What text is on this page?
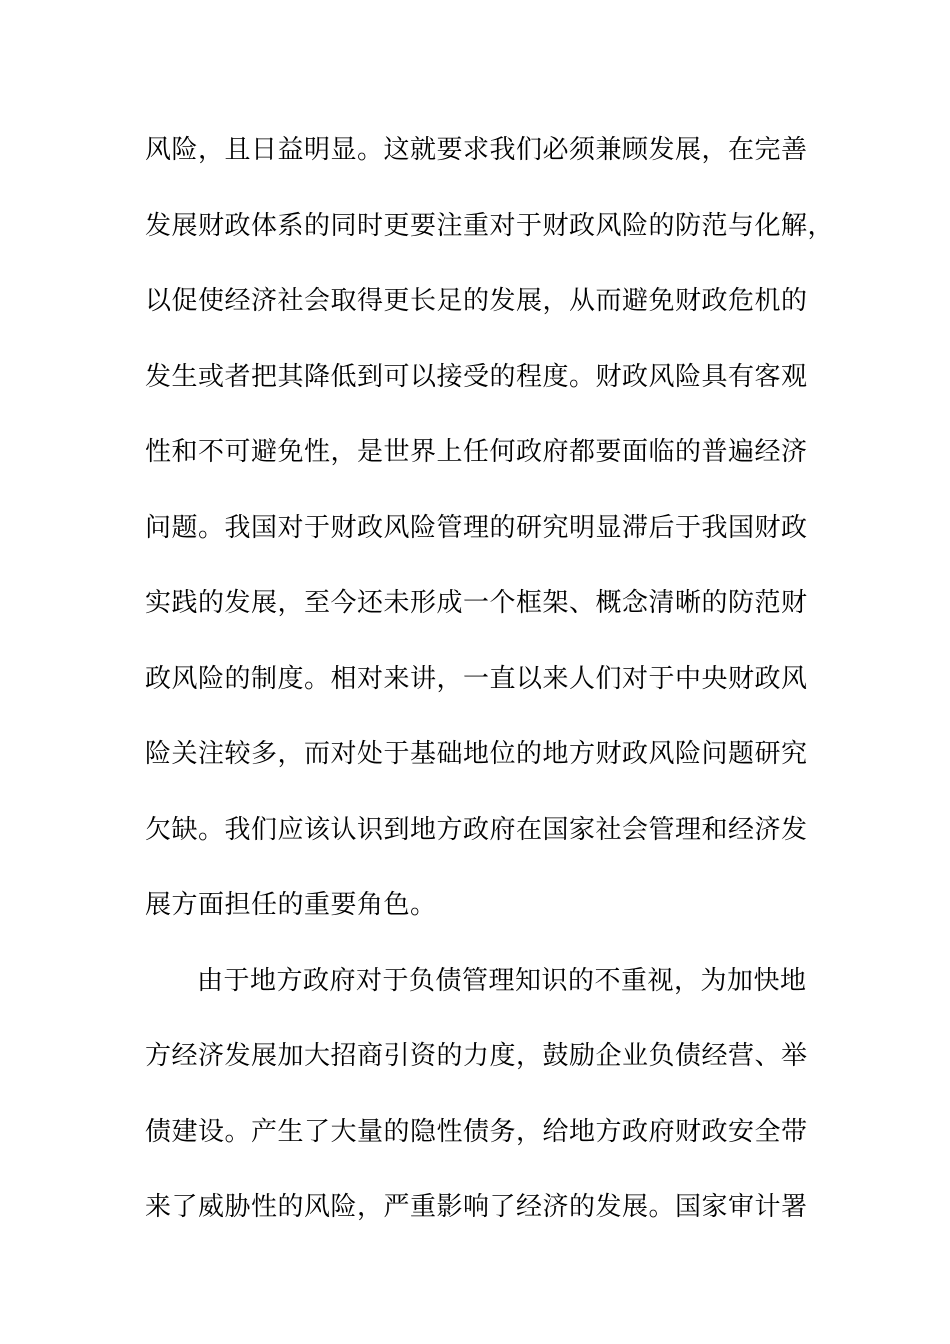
风险，且日益明显。这就要求我们必须兼顾发展，在完善
发展财政体系的同时更要注重对于财政风险的防范与化解，
以促使经济社会取得更长足的发展，从而避免财政危机的
发生或者把其降低到可以接受的程度。财政风险具有客观
性和不可避免性，是世界上任何政府都要面临的普遍经济
问题。我国对于财政风险管理的研究明显滞后于我国财政
实践的发展，至今还未形成一个框架、概念清晰的防范财
政风险的制度。相对来讲，一直以来人们对于中央财政风
险关注较多，而对处于基础地位的地方财政风险问题研究
欠缺。我们应该认识到地方政府在国家社会管理和经济发
展方面担任的重要角色。
由于地方政府对于负债管理知识的不重视，为加快地
方经济发展加大招商引资的力度，鼓励企业负债经营、举
债建设。产生了大量的隐性债务，给地方政府财政安全带
来了威胁性的风险，严重影响了经济的发展。国家审计署
